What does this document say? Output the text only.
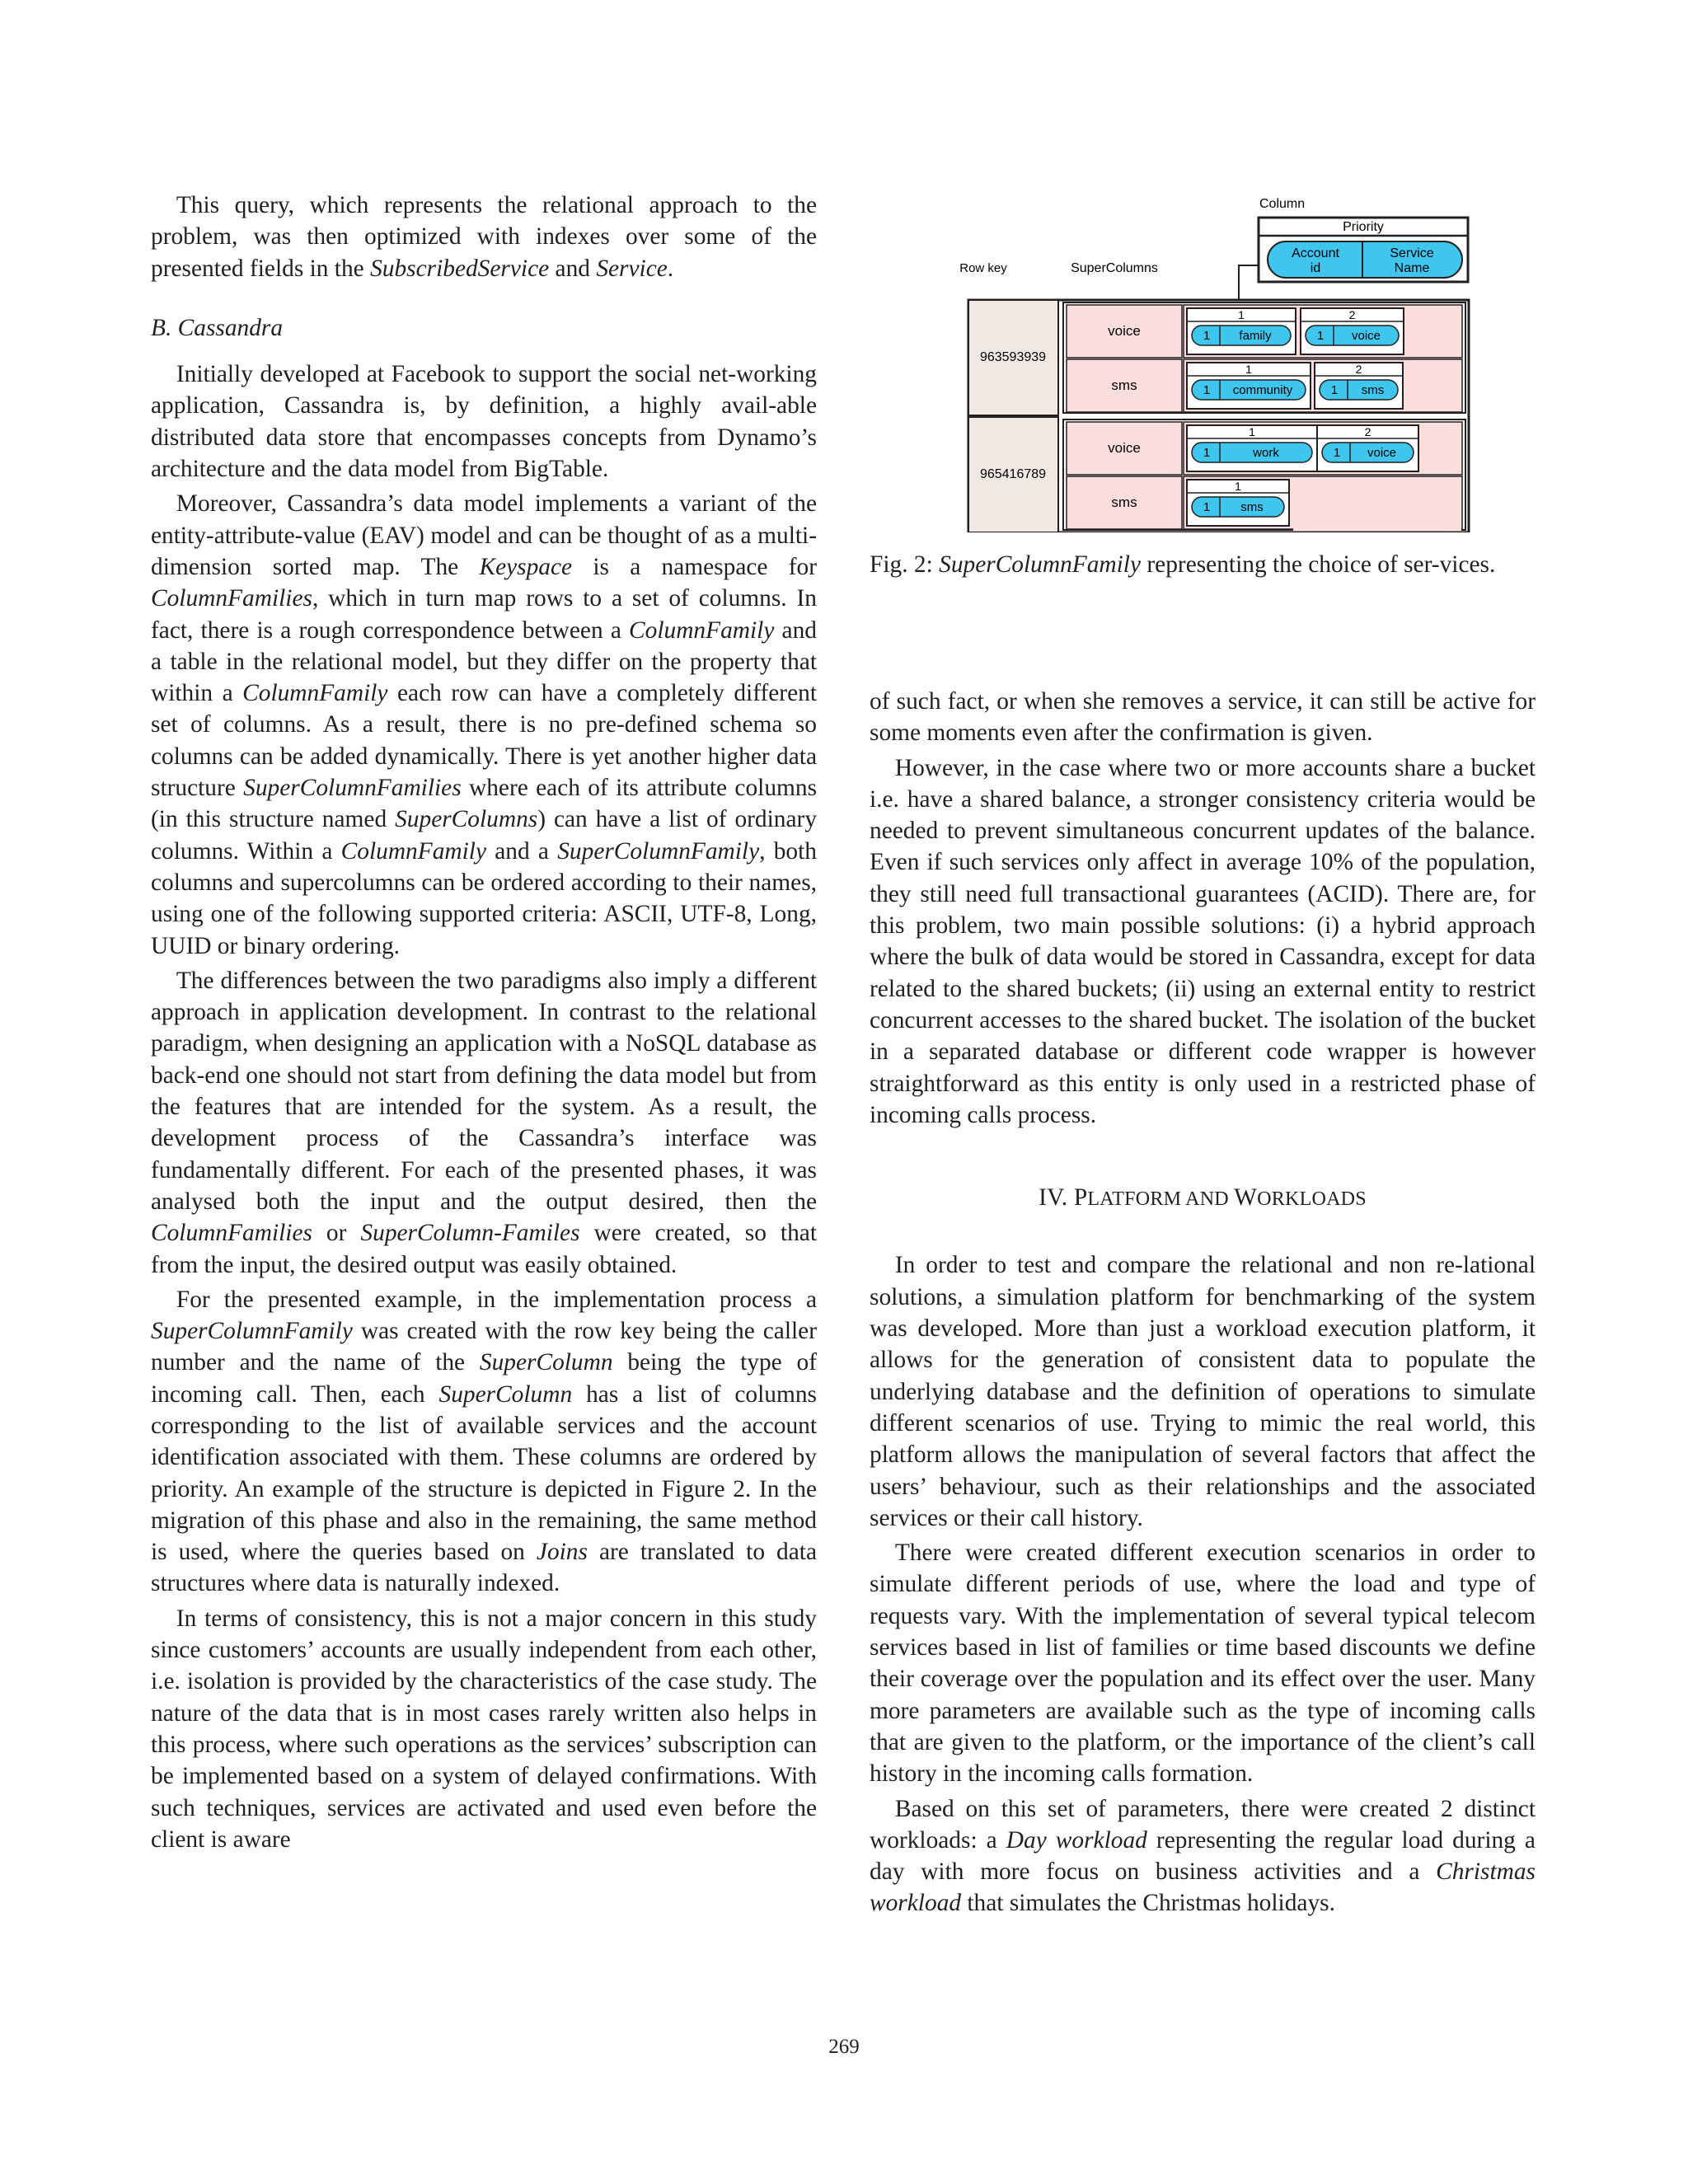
This query, which represents the relational approach to the problem, was then optimized with indexes over some of the presented fields in the SubscribedService and Service.

B. Cassandra

Initially developed at Facebook to support the social net-working application, Cassandra is, by definition, a highly avail-able distributed data store that encompasses concepts from Dynamo’s architecture and the data model from BigTable.

Moreover, Cassandra’s data model implements a variant of the entity-attribute-value (EAV) model and can be thought of as a multi-dimension sorted map. The Keyspace is a namespace for ColumnFamilies, which in turn map rows to a set of columns. In fact, there is a rough correspondence between a ColumnFamily and a table in the relational model, but they differ on the property that within a ColumnFamily each row can have a completely different set of columns. As a result, there is no pre-defined schema so columns can be added dynamically. There is yet another higher data structure SuperColumnFamilies where each of its attribute columns (in this structure named SuperColumns) can have a list of ordinary columns. Within a ColumnFamily and a SuperColumnFamily, both columns and supercolumns can be ordered according to their names, using one of the following supported criteria: ASCII, UTF-8, Long, UUID or binary ordering.

The differences between the two paradigms also imply a different approach in application development. In contrast to the relational paradigm, when designing an application with a NoSQL database as back-end one should not start from defining the data model but from the features that are intended for the system. As a result, the development process of the Cassandra’s interface was fundamentally different. For each of the presented phases, it was analysed both the input and the output desired, then the ColumnFamilies or SuperColumn-Familes were created, so that from the input, the desired output was easily obtained.

For the presented example, in the implementation process a SuperColumnFamily was created with the row key being the caller number and the name of the SuperColumn being the type of incoming call. Then, each SuperColumn has a list of columns corresponding to the list of available services and the account identification associated with them. These columns are ordered by priority. An example of the structure is depicted in Figure 2. In the migration of this phase and also in the remaining, the same method is used, where the queries based on Joins are translated to data structures where data is naturally indexed.

In terms of consistency, this is not a major concern in this study since customers’ accounts are usually independent from each other, i.e. isolation is provided by the characteristics of the case study. The nature of the data that is in most cases rarely written also helps in this process, where such operations as the services’ subscription can be implemented based on a system of delayed confirmations. With such techniques, services are activated and used even before the client is aware

Column
Priority
Account
id
Service
Name
Row key	SuperColumns
963593939
voice
1
1 family
2
1 voice
sms
1
1 community
2
1 sms
965416789
voice
1
1	work
2
1 voice
sms
1
1 sms
Fig. 2: SuperColumnFamily representing the choice of ser-vices.

of such fact, or when she removes a service, it can still be active for some moments even after the confirmation is given.

However, in the case where two or more accounts share a bucket i.e. have a shared balance, a stronger consistency criteria would be needed to prevent simultaneous concurrent updates of the balance. Even if such services only affect in average 10% of the population, they still need full transactional guarantees (ACID). There are, for this problem, two main possible solutions: (i) a hybrid approach where the bulk of data would be stored in Cassandra, except for data related to the shared buckets; (ii) using an external entity to restrict concurrent accesses to the shared bucket. The isolation of the bucket in a separated database or different code wrapper is however straightforward as this entity is only used in a restricted phase of incoming calls process.

IV. PLATFORM AND WORKLOADS

In order to test and compare the relational and non re-lational solutions, a simulation platform for benchmarking of the system was developed. More than just a workload execution platform, it allows for the generation of consistent data to populate the underlying database and the definition of operations to simulate different scenarios of use. Trying to mimic the real world, this platform allows the manipulation of several factors that affect the users’ behaviour, such as their relationships and the associated services or their call history.

There were created different execution scenarios in order to simulate different periods of use, where the load and type of requests vary. With the implementation of several typical telecom services based in list of families or time based discounts we define their coverage over the population and its effect over the user. Many more parameters are available such as the type of incoming calls that are given to the platform, or the importance of the client’s call history in the incoming calls formation.

Based on this set of parameters, there were created 2 distinct workloads: a Day workload representing the regular load during a day with more focus on business activities and a Christmas workload that simulates the Christmas holidays.

269
